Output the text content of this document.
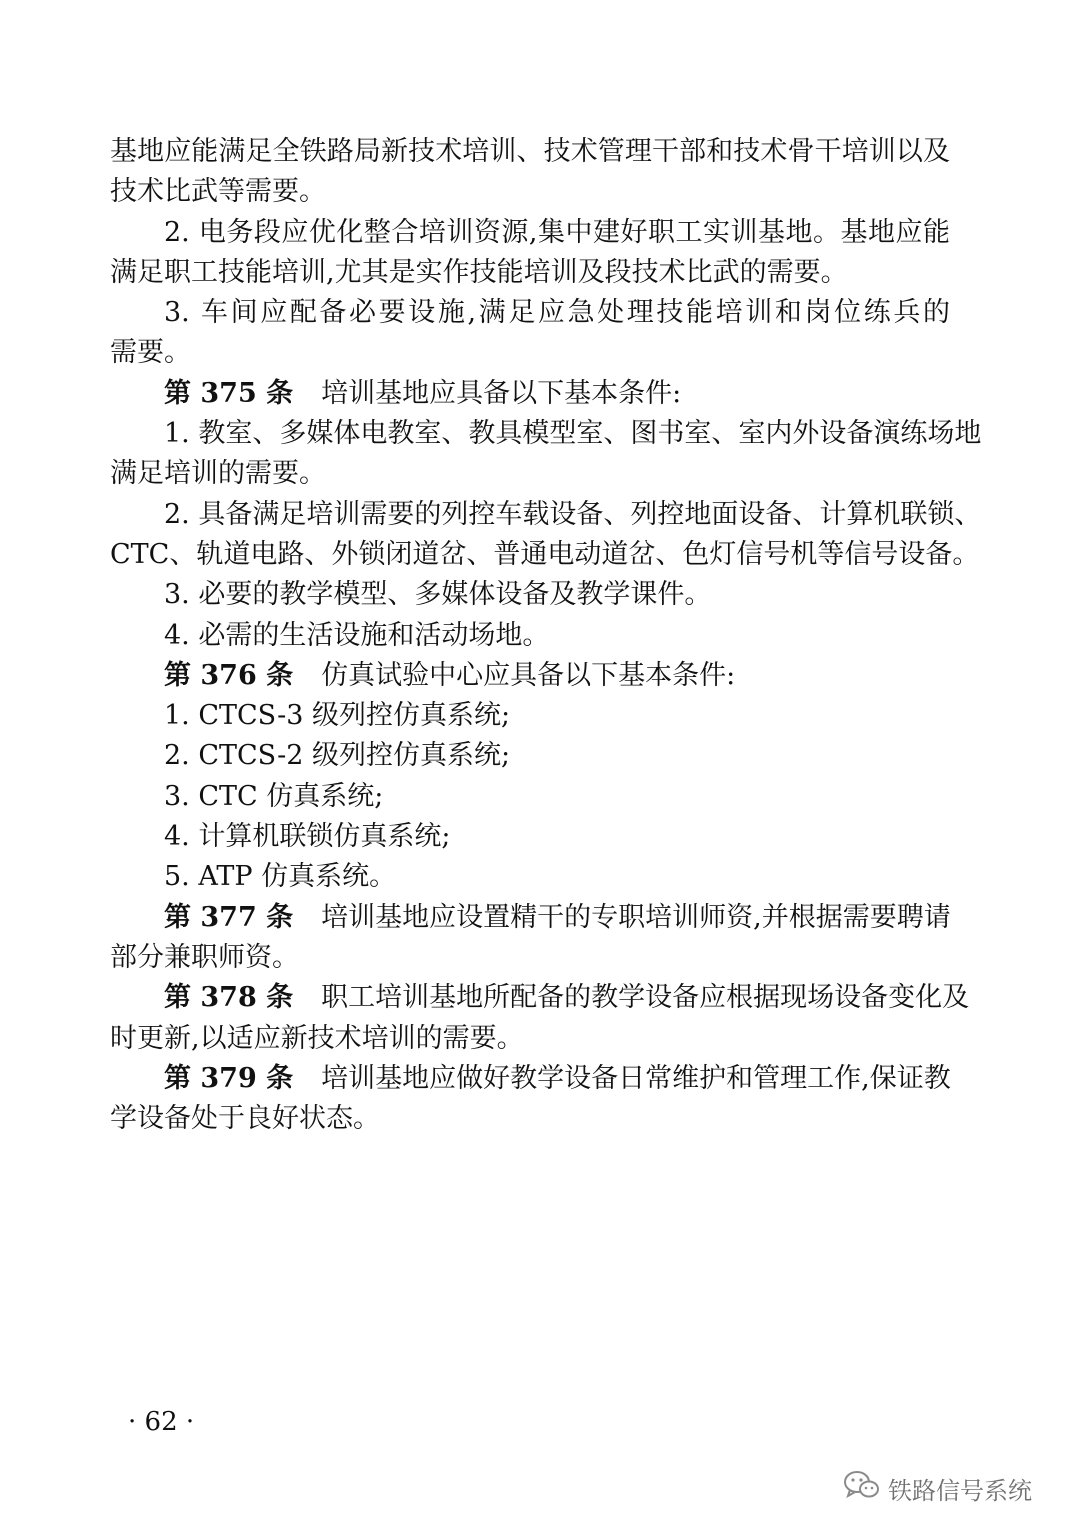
基地应能满足全铁路局新技术培训、技术管理干部和技术骨干培训以及
技术比武等需要。
2. 电务段应优化整合培训资源,集中建好职工实训基地。基地应能
满足职工技能培训,尤其是实作技能培训及段技术比武的需要。
3. 车间应配备必要设施,满足应急处理技能培训和岗位练兵的
需要。
第 375 条 培训基地应具备以下基本条件:
1. 教室、多媒体电教室、教具模型室、图书室、室内外设备演练场地
满足培训的需要。
2. 具备满足培训需要的列控车载设备、列控地面设备、计算机联锁、
CTC、轨道电路、外锁闭道岔、普通电动道岔、色灯信号机等信号设备。
3. 必要的教学模型、多媒体设备及教学课件。
4. 必需的生活设施和活动场地。
第 376 条 仿真试验中心应具备以下基本条件:
1. CTCS-3 级列控仿真系统;
2. CTCS-2 级列控仿真系统;
3. CTC 仿真系统;
4. 计算机联锁仿真系统;
5. ATP 仿真系统。
第 377 条 培训基地应设置精干的专职培训师资,并根据需要聘请
部分兼职师资。
第 378 条 职工培训基地所配备的教学设备应根据现场设备变化及
时更新,以适应新技术培训的需要。
第 379 条 培训基地应做好教学设备日常维护和管理工作,保证教
学设备处于良好状态。
· 62 ·
铁路信号系统
